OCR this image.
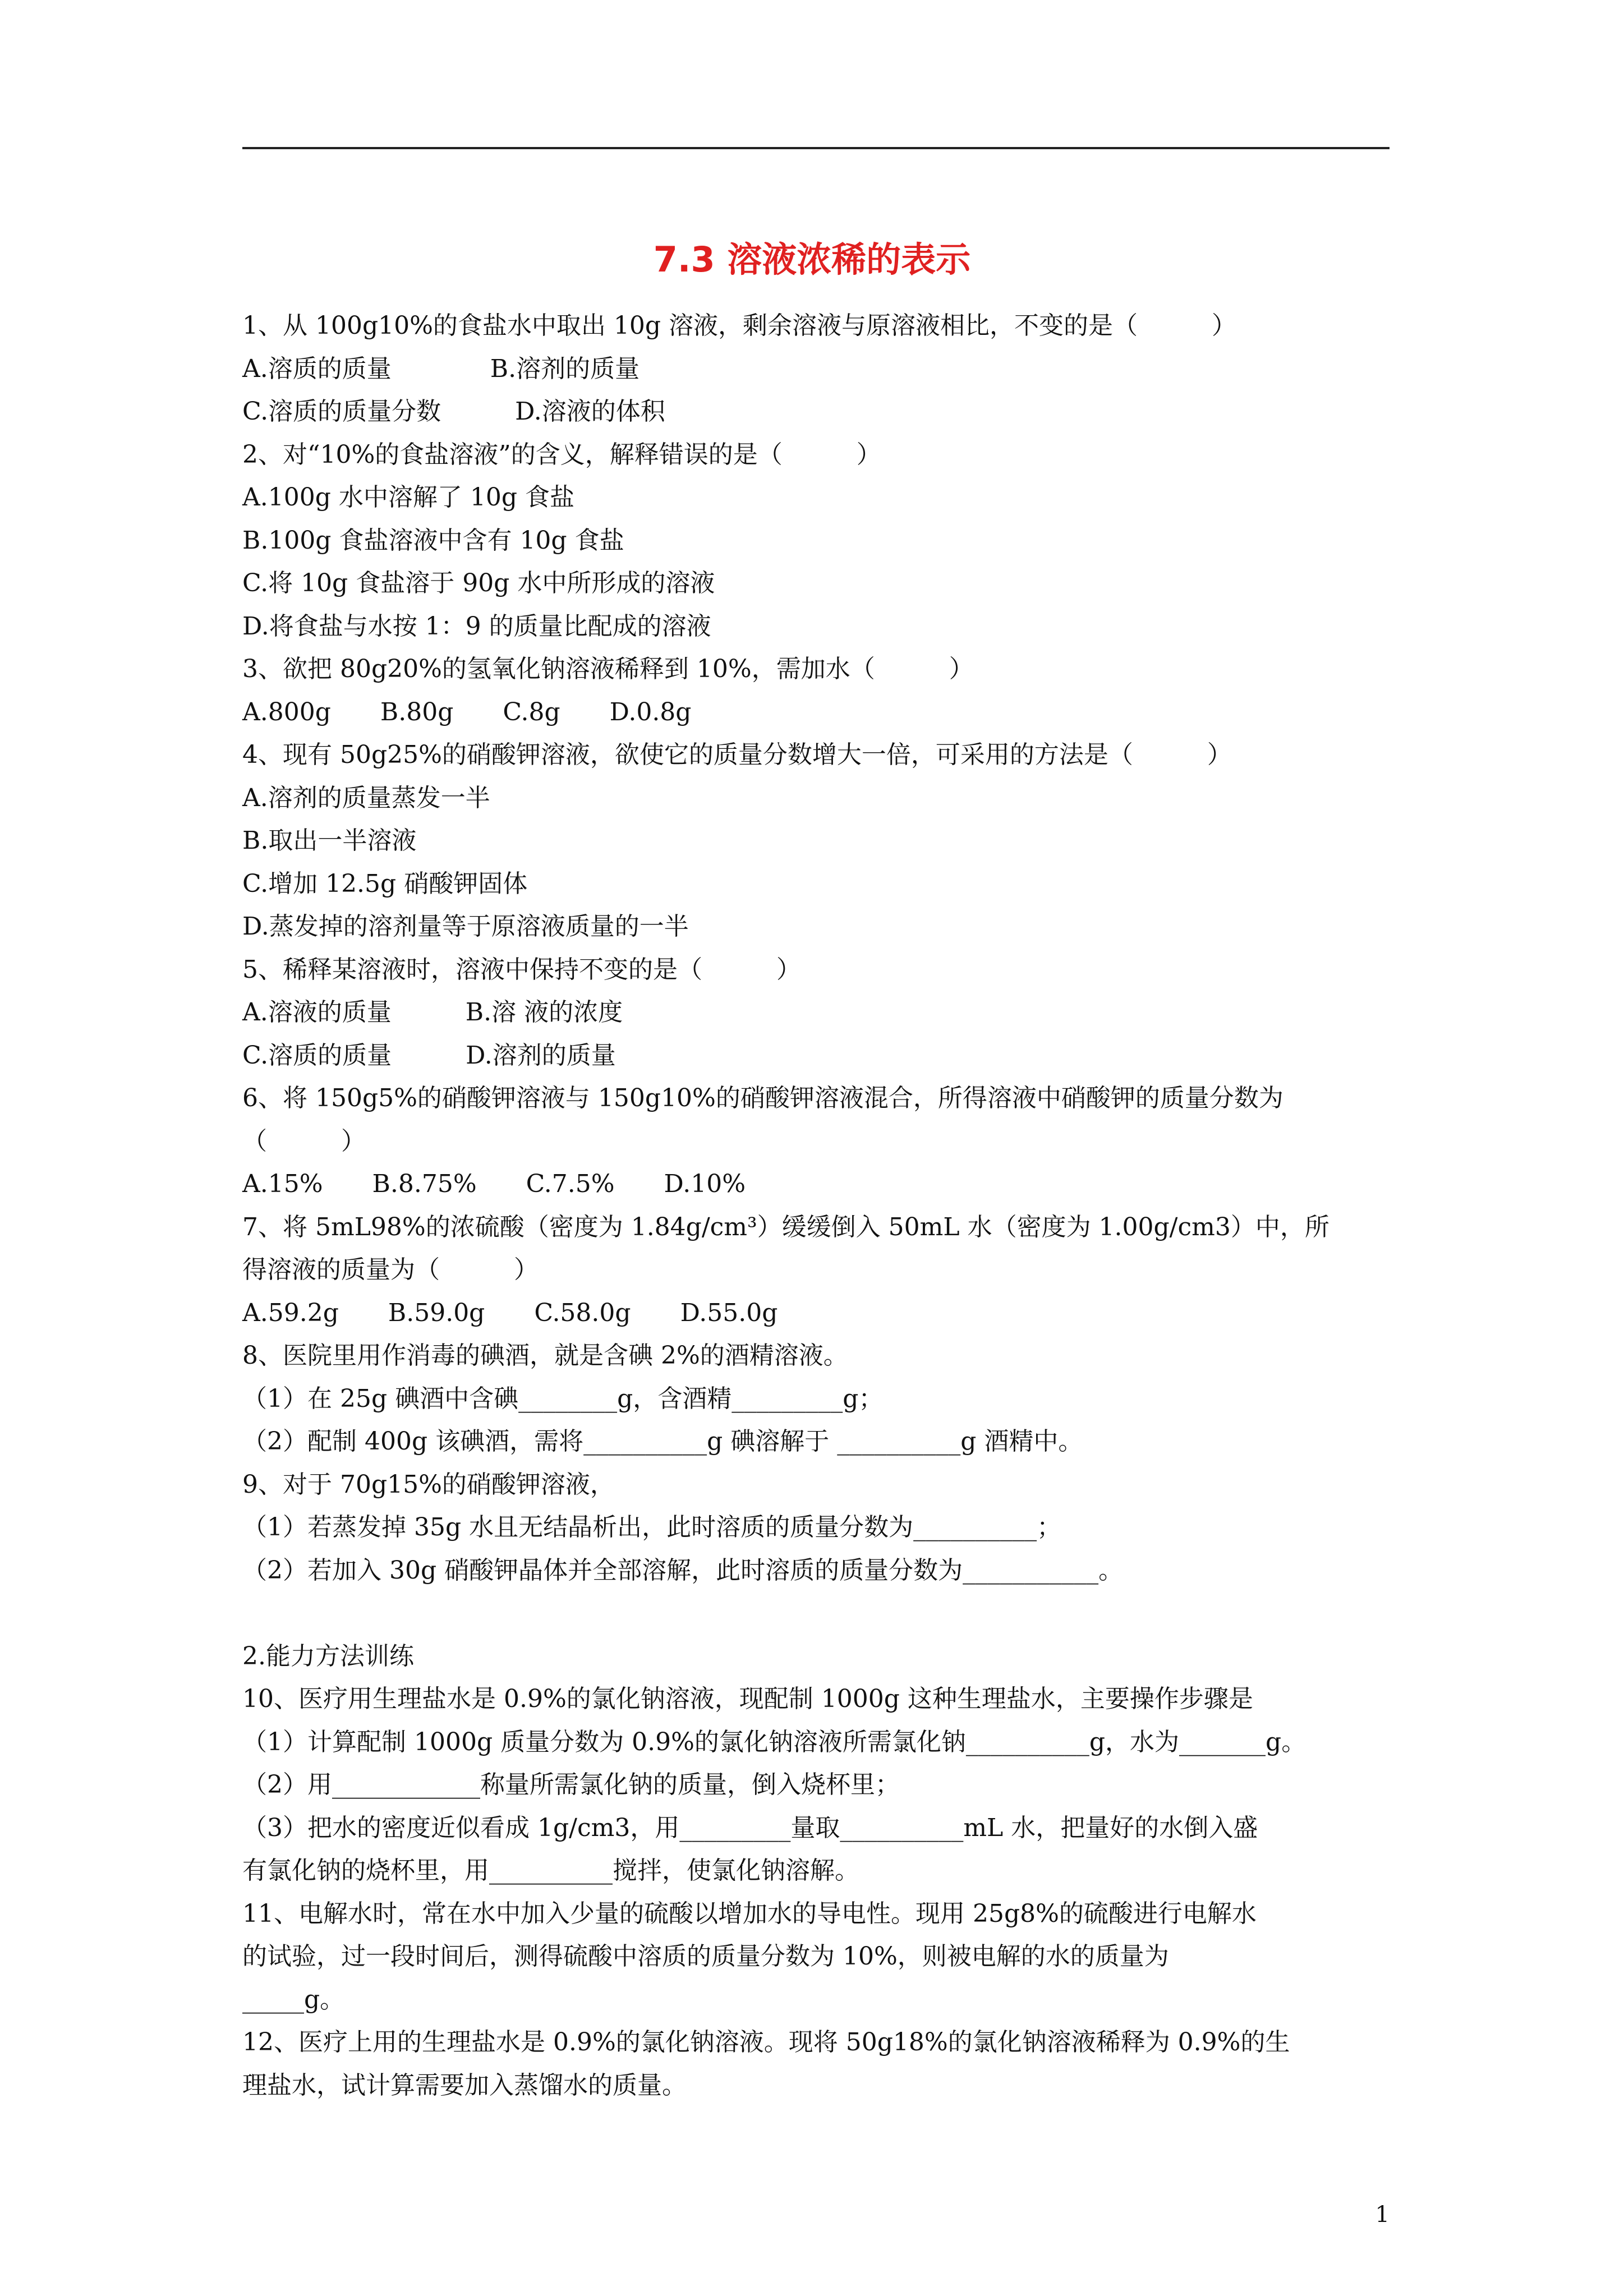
7.3 溶液浓稀的表示

1、从 100g10%的食盐水中取出 10g 溶液，剩余溶液与原溶液相比，不变的是（　　　）

A.溶质的质量　　　　B.溶剂的质量

C.溶质的质量分数　　　D.溶液的体积

2、对“10%的食盐溶液”的含义，解释错误的是（　　　）

A.100g 水中溶解了 10g 食盐

B.100g 食盐溶液中含有 10g 食盐

C.将 10g 食盐溶于 90g 水中所形成的溶液

D.将食盐与水按 1：9 的质量比配成的溶液

3、欲把 80g20%的氢氧化钠溶液稀释到 10%，需加水（　　　）

A.800g　　B.80g　　C.8g　　D.0.8g

4、现有 50g25%的硝酸钾溶液，欲使它的质量分数增大一倍，可采用的方法是（　　　）

A.溶剂的质量蒸发一半

B.取出一半溶液

C.增加 12.5g 硝酸钾固体

D.蒸发掉的溶剂量等于原溶液质量的一半

5、稀释某溶液时，溶液中保持不变的是（　　　）

A.溶液的质量　　　B.溶 液的浓度

C.溶质的质量　　　D.溶剂的质量

6、将 150g5%的硝酸钾溶液与 150g10%的硝酸钾溶液混合，所得溶液中硝酸钾的质量分数为

（　　　）

A.15%　　B.8.75%　　C.7.5%　　D.10%

7、将 5mL98%的浓硫酸（密度为 1.84g/cm³）缓缓倒入 50mL 水（密度为 1.00g/cm3）中，所

得溶液的质量为（　　　）

A.59.2g　　B.59.0g　　C.58.0g　　D.55.0g

8、医院里用作消毒的碘酒，就是含碘 2%的酒精溶液。

（1）在 25g 碘酒中含碘________g，含酒精_________g；

（2）配制 400g 该碘酒，需将__________g 碘溶解于 __________g 酒精中。

9、对于 70g15%的硝酸钾溶液，

（1）若蒸发掉 35g 水且无结晶析出，此时溶质的质量分数为__________；

（2）若加入 30g 硝酸钾晶体并全部溶解，此时溶质的质量分数为___________。

2.能力方法训练

10、医疗用生理盐水是 0.9%的氯化钠溶液，现配制 1000g 这种生理盐水，主要操作步骤是

（1）计算配制 1000g 质量分数为 0.9%的氯化钠溶液所需氯化钠__________g，水为_______g。

（2）用____________称量所需氯化钠的质量，倒入烧杯里；

（3）把水的密度近似看成 1g/cm3，用_________量取__________mL 水，把量好的水倒入盛

有氯化钠的烧杯里，用__________搅拌，使氯化钠溶解。

11、电解水时，常在水中加入少量的硫酸以增加水的导电性。现用 25g8%的硫酸进行电解水

的试验，过一段时间后，测得硫酸中溶质的质量分数为 10%，则被电解的水的质量为

_____g。

12、医疗上用的生理盐水是 0.9%的氯化钠溶液。现将 50g18%的氯化钠溶液稀释为 0.9%的生

理盐水，试计算需要加入蒸馏水的质量。

1
